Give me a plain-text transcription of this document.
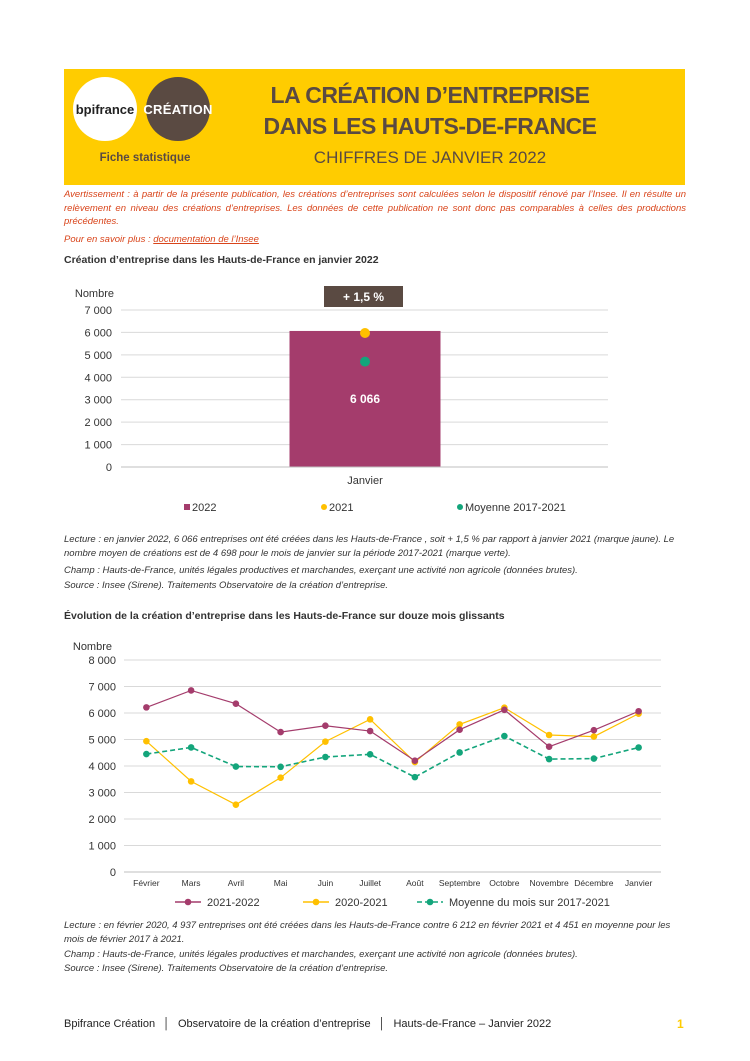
bpifrance CRÉATION
Fiche statistique
LA CRÉATION D’ENTREPRISE
DANS LES HAUTS-DE-FRANCE
CHIFFRES DE JANVIER 2022
Avertissement : à partir de la présente publication, les créations d’entreprises sont calculées selon le dispositif rénové par l’Insee. Il en résulte un relèvement en niveau des créations d’entreprises. Les données de cette publication ne sont donc pas comparables à celles des productions précédentes.
Pour en savoir plus : documentation de l’Insee
Création d’entreprise dans les Hauts-de-France en janvier 2022
Nombre
0
1 000
2 000
3 000
4 000
5 000
6 000
7 000
6 066
+ 1,5 %
Janvier
2022	2021	Moyenne 2017-2021
Lecture : en janvier 2022, 6 066 entreprises ont été créées dans les Hauts-de-France , soit + 1,5 % par rapport à janvier 2021 (marque jaune). Le nombre moyen de créations est de 4 698 pour le mois de janvier sur la période 2017-2021 (marque verte).
Champ : Hauts-de-France, unités légales productives et marchandes, exerçant une activité non agricole (données brutes).
Source : Insee (Sirene). Traitements Observatoire de la création d’entreprise.
Évolution de la création d’entreprise dans les Hauts-de-France sur douze mois glissants
Nombre
0
1 000
2 000
3 000
4 000
5 000
6 000
7 000
8 000
Février	Mars	Avril	Mai	Juin	Juillet	Août Septembre Octobre Novembre Décembre Janvier
2021-2022	2020-2021	Moyenne du mois sur 2017-2021
Lecture : en février 2020, 4 937 entreprises ont été créées dans les Hauts-de-France contre 6 212 en février 2021 et 4 451 en moyenne pour les mois de février 2017 à 2021.
Champ : Hauts-de-France, unités légales productives et marchandes, exerçant une activité non agricole (données brutes).
Source : Insee (Sirene). Traitements Observatoire de la création d’entreprise.
Bpifrance Création │ Observatoire de la création d’entreprise │ Hauts-de-France – Janvier 2022	1
